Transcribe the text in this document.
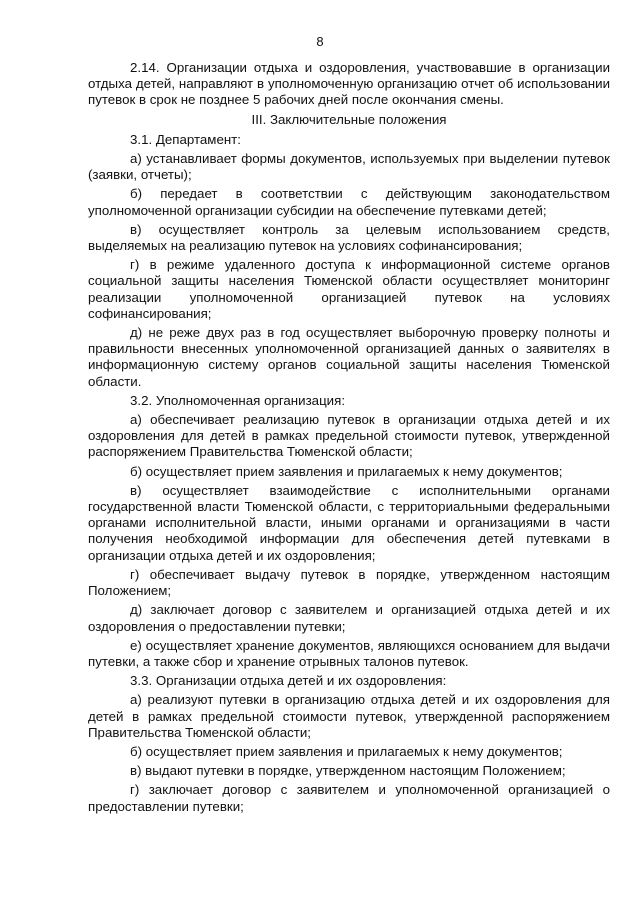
8

2.14. Организации отдыха и оздоровления, участвовавшие в организации отдыха детей, направляют в уполномоченную организацию отчет об использовании путевок в срок не позднее 5 рабочих дней после окончания смены.

III. Заключительные положения

3.1. Департамент:

а) устанавливает формы документов, используемых при выделении путевок (заявки, отчеты);

б) передает в соответствии с действующим законодательством уполномоченной организации субсидии на обеспечение путевками детей;

в) осуществляет контроль за целевым использованием средств, выделяемых на реализацию путевок на условиях софинансирования;

г) в режиме удаленного доступа к информационной системе органов социальной защиты населения Тюменской области осуществляет мониторинг реализации уполномоченной организацией путевок на условиях софинансирования;

д) не реже двух раз в год осуществляет выборочную проверку полноты и правильности внесенных уполномоченной организацией данных о заявителях в информационную систему органов социальной защиты населения Тюменской области.

3.2. Уполномоченная организация:

а) обеспечивает реализацию путевок в организации отдыха детей и их оздоровления для детей в рамках предельной стоимости путевок, утвержденной распоряжением Правительства Тюменской области;

б) осуществляет прием заявления и прилагаемых к нему документов;

в) осуществляет взаимодействие с исполнительными органами государственной власти Тюменской области, с территориальными федеральными органами исполнительной власти, иными органами и организациями в части получения необходимой информации для обеспечения детей путевками в организации отдыха детей и их оздоровления;

г) обеспечивает выдачу путевок в порядке, утвержденном настоящим Положением;

д) заключает договор с заявителем и организацией отдыха детей и их оздоровления о предоставлении путевки;

е) осуществляет хранение документов, являющихся основанием для выдачи путевки, а также сбор и хранение отрывных талонов путевок.

3.3. Организации отдыха детей и их оздоровления:

а) реализуют путевки в организацию отдыха детей и их оздоровления для детей в рамках предельной стоимости путевок, утвержденной распоряжением Правительства Тюменской области;

б) осуществляет прием заявления и прилагаемых к нему документов;

в) выдают путевки в порядке, утвержденном настоящим Положением;

г) заключает договор с заявителем и уполномоченной организацией о предоставлении путевки;
